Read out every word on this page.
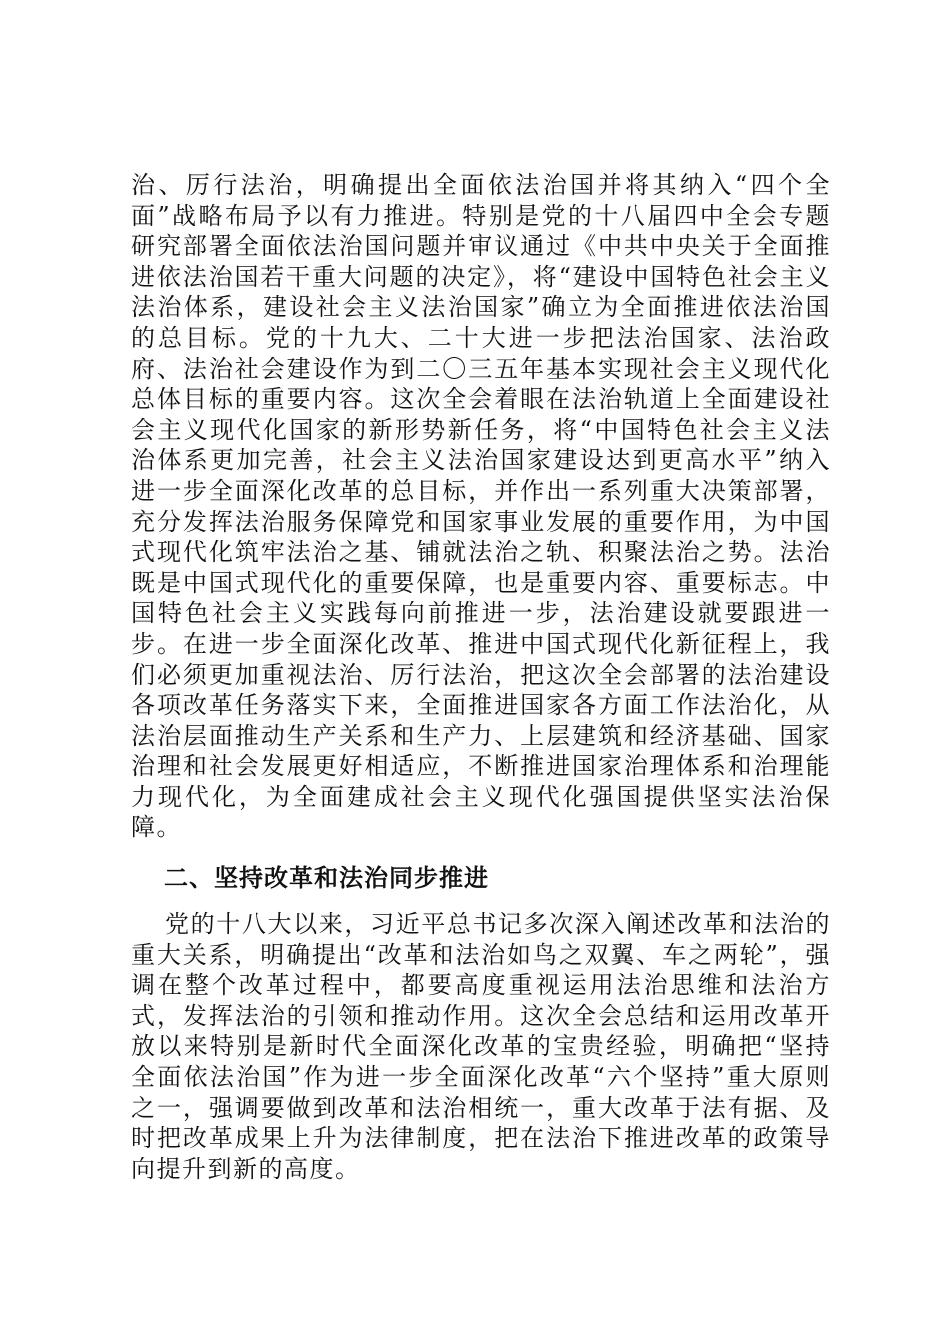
治、厉行法治，明确提出全面依法治国并将其纳入“四个全面”战略布局予以有力推进。特别是党的十八届四中全会专题研究部署全面依法治国问题并审议通过《中共中央关于全面推进依法治国若干重大问题的决定》，将“建设中国特色社会主义法治体系，建设社会主义法治国家”确立为全面推进依法治国的总目标。党的十九大、二十大进一步把法治国家、法治政府、法治社会建设作为到二〇三五年基本实现社会主义现代化总体目标的重要内容。这次全会着眼在法治轨道上全面建设社会主义现代化国家的新形势新任务，将“中国特色社会主义法治体系更加完善，社会主义法治国家建设达到更高水平”纳入进一步全面深化改革的总目标，并作出一系列重大决策部署，充分发挥法治服务保障党和国家事业发展的重要作用，为中国式现代化筑牢法治之基、铺就法治之轨、积聚法治之势。法治既是中国式现代化的重要保障，也是重要内容、重要标志。中国特色社会主义实践每向前推进一步，法治建设就要跟进一步。在进一步全面深化改革、推进中国式现代化新征程上，我们必须更加重视法治、厉行法治，把这次全会部署的法治建设各项改革任务落实下来，全面推进国家各方面工作法治化，从法治层面推动生产关系和生产力、上层建筑和经济基础、国家治理和社会发展更好相适应，不断推进国家治理体系和治理能力现代化，为全面建成社会主义现代化强国提供坚实法治保障。

二、坚持改革和法治同步推进

党的十八大以来，习近平总书记多次深入阐述改革和法治的重大关系，明确提出“改革和法治如鸟之双翼、车之两轮”，强调在整个改革过程中，都要高度重视运用法治思维和法治方式，发挥法治的引领和推动作用。这次全会总结和运用改革开放以来特别是新时代全面深化改革的宝贵经验，明确把“坚持全面依法治国”作为进一步全面深化改革“六个坚持”重大原则之一，强调要做到改革和法治相统一，重大改革于法有据、及时把改革成果上升为法律制度，把在法治下推进改革的政策导向提升到新的高度。
